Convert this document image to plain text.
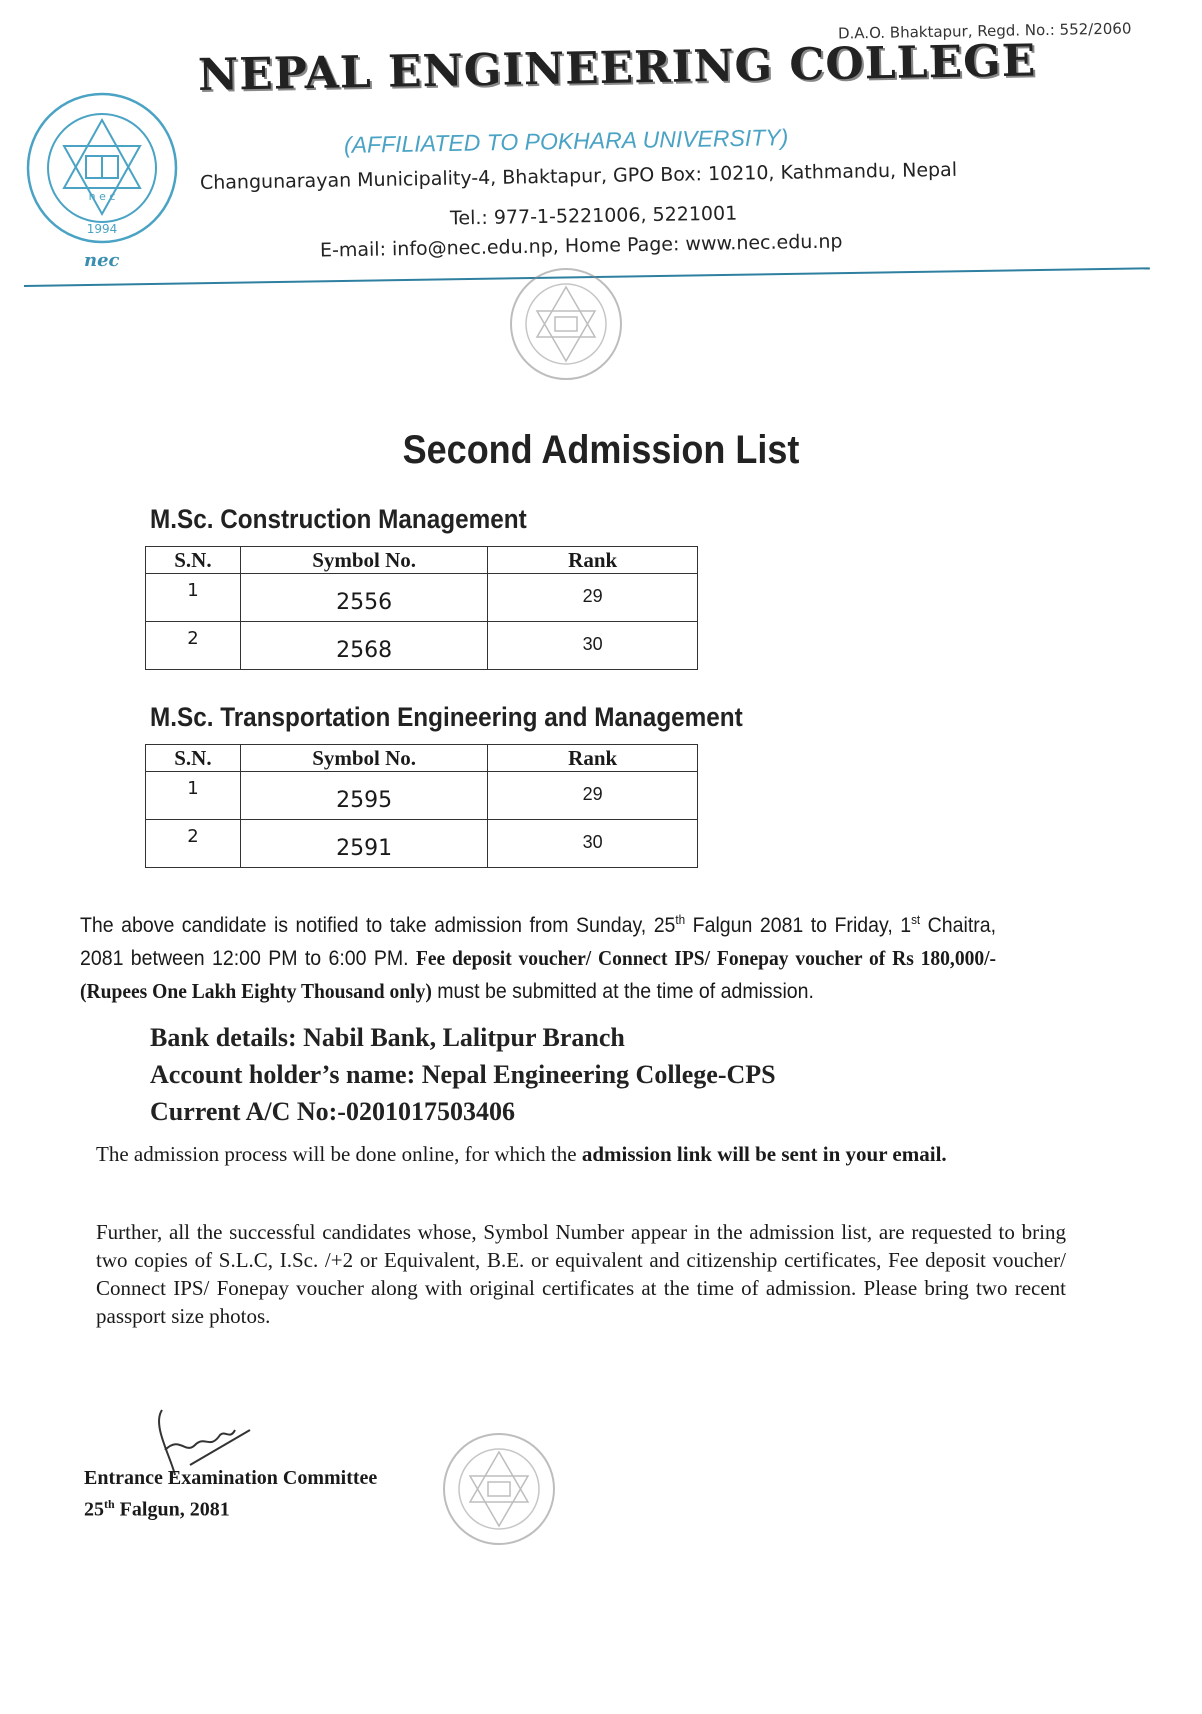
D.A.O. Bhaktapur, Regd. No.: 552/2060
n e c
1994
nec
NEPAL ENGINEERING COLLEGE
(AFFILIATED TO POKHARA UNIVERSITY)
Changunarayan Municipality-4, Bhaktapur, GPO Box: 10210, Kathmandu, Nepal
Tel.: 977-1-5221006, 5221001
E-mail: info@nec.edu.np, Home Page: www.nec.edu.np
Second Admission List
M.Sc. Construction Management
S.N.	Symbol No.	Rank
1	2556	29
2	2568	30
M.Sc. Transportation Engineering and Management
S.N.	Symbol No.	Rank
1	2595	29
2	2591	30

The above candidate is notified to take admission from Sunday, 25th Falgun 2081 to Friday, 1st Chaitra, 2081 between 12:00 PM to 6:00 PM. Fee deposit voucher/ Connect IPS/ Fonepay voucher of Rs 180,000/- (Rupees One Lakh Eighty Thousand only) must be submitted at the time of admission.

Bank details: Nabil Bank, Lalitpur Branch
Account holder’s name: Nepal Engineering College-CPS
Current A/C No:-0201017503406

The admission process will be done online, for which the admission link will be sent in your email.

Further, all the successful candidates whose, Symbol Number appear in the admission list, are requested to bring two copies of S.L.C, I.Sc. /+2 or Equivalent, B.E. or equivalent and citizenship certificates, Fee deposit voucher/ Connect IPS/ Fonepay voucher along with original certificates at the time of admission. Please bring two recent passport size photos.

Entrance Examination Committee
25th Falgun, 2081
